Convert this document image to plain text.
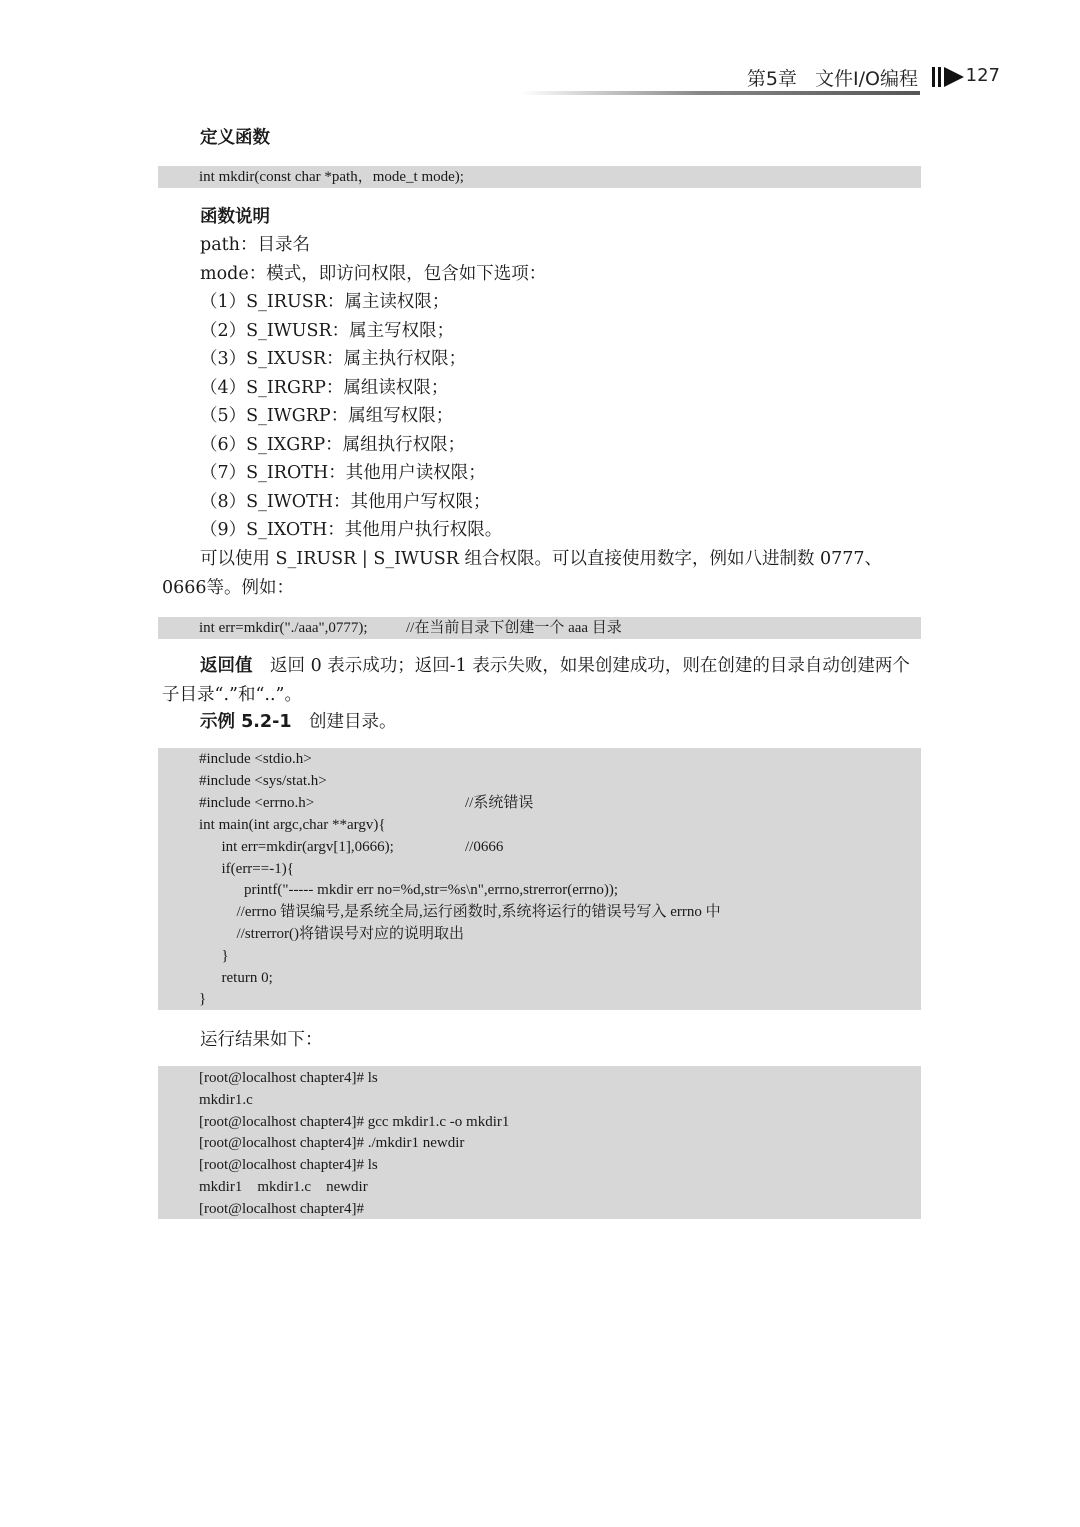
第5章 文件I/O编程	127
定义函数
int mkdir(const char *path，mode_t mode);
函数说明
path：目录名
mode：模式，即访问权限，包含如下选项：
（1）S_IRUSR：属主读权限；
（2）S_IWUSR：属主写权限；
（3）S_IXUSR：属主执行权限；
（4）S_IRGRP：属组读权限；
（5）S_IWGRP：属组写权限；
（6）S_IXGRP：属组执行权限；
（7）S_IROTH：其他用户读权限；
（8）S_IWOTH：其他用户写权限；
（9）S_IXOTH：其他用户执行权限。
可以使用 S_IRUSR | S_IWUSR 组合权限。可以直接使用数字，例如八进制数 0777、0666等。例如：
int err=mkdir("./aaa",0777);	//在当前目录下创建一个 aaa 目录
返回值　 返回 0 表示成功；返回-1 表示失败，如果创建成功，则在创建的目录自动创建两个子目录“.”和“..”。
示例 5.2-1　 创建目录。
#include <stdio.h>
#include <sys/stat.h>
#include <errno.h>	//系统错误
int main(int argc,char **argv){
int err=mkdir(argv[1],0666);	//0666
if(err==-1){
printf("----- mkdir err no=%d,str=%s\n",errno,strerror(errno));
//errno 错误编号,是系统全局,运行函数时,系统将运行的错误号写入 errno 中
//strerror()将错误号对应的说明取出
}
return 0;
}
运行结果如下：
[root@localhost chapter4]# ls
mkdir1.c
[root@localhost chapter4]# gcc mkdir1.c -o mkdir1
[root@localhost chapter4]# ./mkdir1 newdir
[root@localhost chapter4]# ls
mkdir1    mkdir1.c    newdir
[root@localhost chapter4]#
